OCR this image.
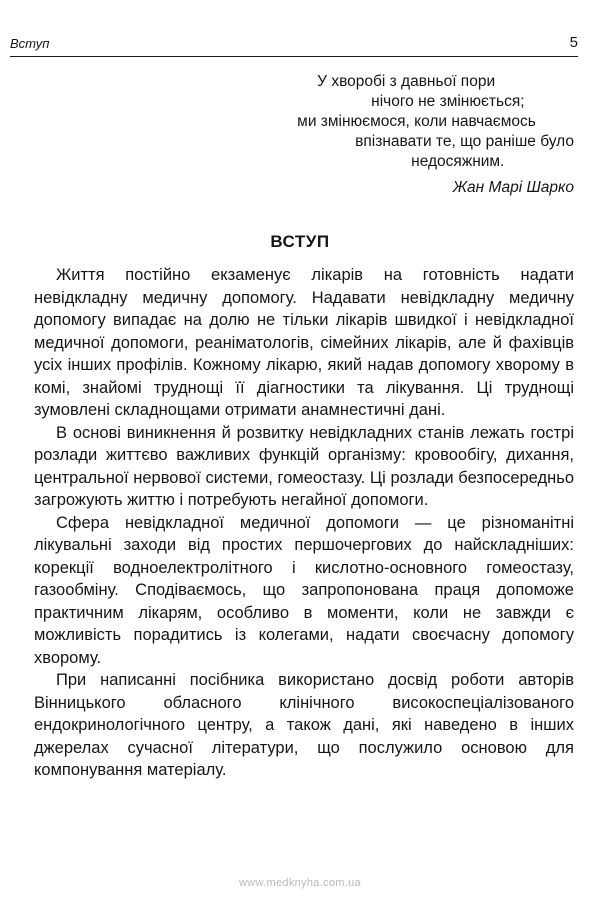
Вступ	5
У хворобі з давньої пори
нічого не змінюється;
ми змінюємося, коли навчаємось
впізнавати те, що раніше було
недосяжним.
Жан Марі Шарко
ВСТУП

Життя постійно екзаменує лікарів на готовність надати невідкладну медичну допомогу. Надавати невідкладну медичну допомогу випадає на долю не тільки лікарів швидкої і невідкладної медичної допомоги, реаніматологів, сімейних лікарів, але й фахівців усіх інших профілів. Кожному лікарю, який надав допомогу хворому в комі, знайомі труднощі її діагностики та лікування. Ці труднощі зумовлені складнощами отримати анамнестичні дані.

В основі виникнення й розвитку невідкладних станів лежать гострі розлади життєво важливих функцій організму: кровообігу, дихання, центральної нервової системи, гомеостазу. Ці розлади безпосередньо загрожують життю і потребують негайної допомоги.

Сфера невідкладної медичної допомоги — це різноманітні лікувальні заходи від простих першочергових до найскладніших: корекції водноелектролітного і кислотно-основного гомеостазу, газообміну. Сподіваємось, що запропонована праця допоможе практичним лікарям, особливо в моменти, коли не завжди є можливість порадитись із колегами, надати своєчасну допомогу хворому.

При написанні посібника використано досвід роботи авторів Вінницького обласного клінічного високоспеціалізованого ендокринологічного центру, а також дані, які наведено в інших джерелах сучасної літератури, що послужило основою для компонування матеріалу.

www.medknyha.com.ua
